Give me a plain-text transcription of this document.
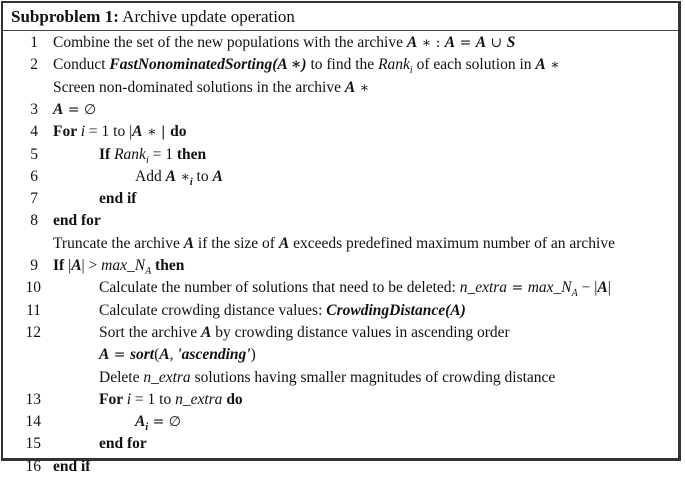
Subproblem 1: Archive update operation
1 Combine the set of the new populations with the archive A ∗ : A = A ∪ S
2 Conduct FastNonominatedSorting(A ∗) to find the Rank$_i$ of each solution in A ∗
Screen non-dominated solutions in the archive A ∗
3 A = ∅
4 For i = 1 to |A ∗ | do
5	If Rank$_i$ = 1 then
6	Add A $∗_i$ to A
7	end if
8 end for
Truncate the archive A if the size of A exceeds predefined maximum number of an archive
9 If $|A| > \max\_N_A$ then
10	Calculate the number of solutions that need to be deleted: n_extra = $\max\_N_A - |A|$
11	Calculate crowding distance values: CrowdingDistance(A)
12	Sort the archive A by crowding distance values in ascending order
A = sort(A, 'ascending')
Delete n_extra solutions having smaller magnitudes of crowding distance
13	For i = 1 to n_extra do
14	$A_i$ = ∅
15	end for
16 end if
